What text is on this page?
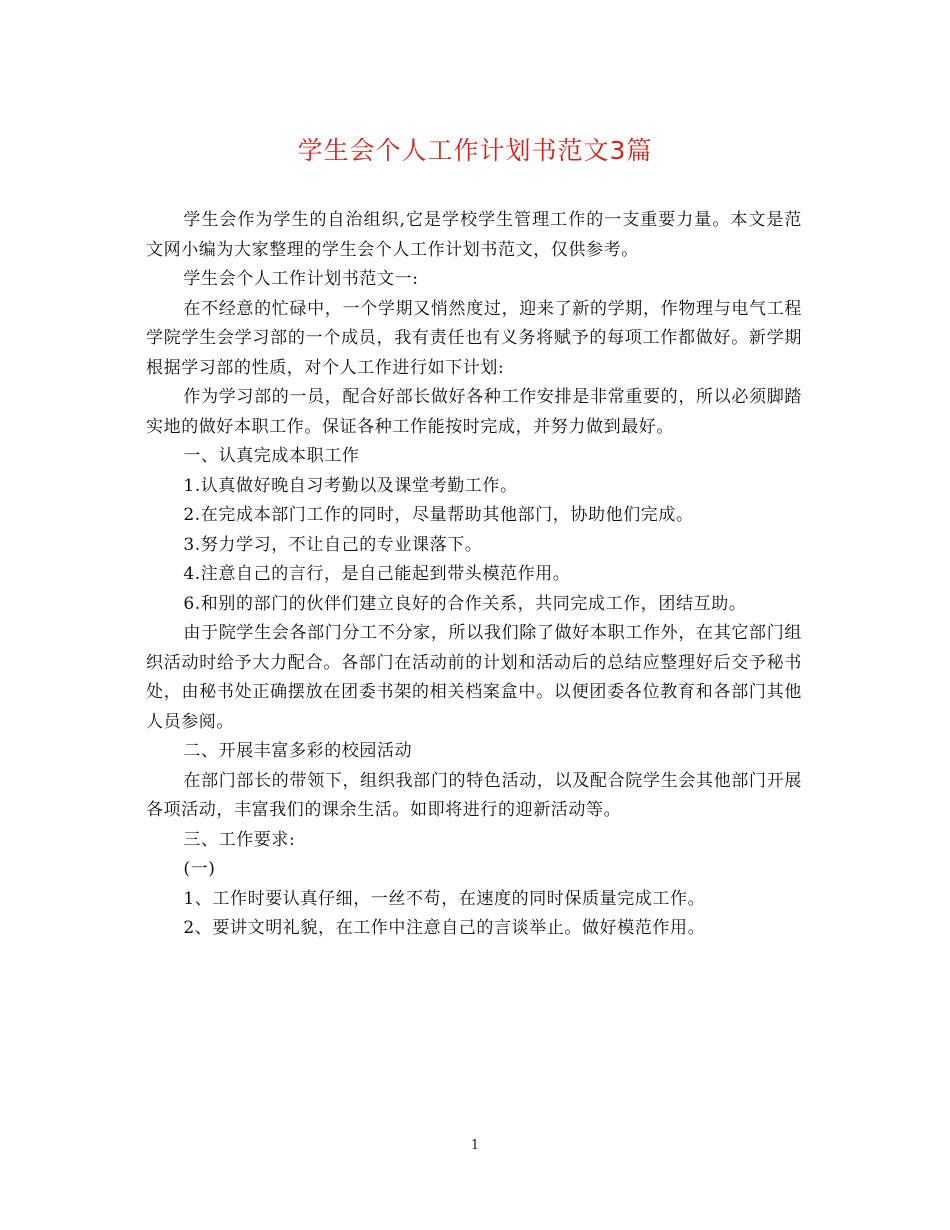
学生会个人工作计划书范文3篇

学生会作为学生的自治组织,它是学校学生管理工作的一支重要力量。本文是范文网小编为大家整理的学生会个人工作计划书范文，仅供参考。

学生会个人工作计划书范文一:

在不经意的忙碌中，一个学期又悄然度过，迎来了新的学期，作物理与电气工程学院学生会学习部的一个成员，我有责任也有义务将赋予的每项工作都做好。新学期根据学习部的性质，对个人工作进行如下计划:

作为学习部的一员，配合好部长做好各种工作安排是非常重要的，所以必须脚踏实地的做好本职工作。保证各种工作能按时完成，并努力做到最好。

一、认真完成本职工作

1.认真做好晚自习考勤以及课堂考勤工作。

2.在完成本部门工作的同时，尽量帮助其他部门，协助他们完成。

3.努力学习，不让自己的专业课落下。

4.注意自己的言行，是自己能起到带头模范作用。

6.和别的部门的伙伴们建立良好的合作关系，共同完成工作，团结互助。

由于院学生会各部门分工不分家，所以我们除了做好本职工作外，在其它部门组织活动时给予大力配合。各部门在活动前的计划和活动后的总结应整理好后交予秘书处，由秘书处正确摆放在团委书架的相关档案盒中。以便团委各位教育和各部门其他人员参阅。

二、开展丰富多彩的校园活动

在部门部长的带领下，组织我部门的特色活动，以及配合院学生会其他部门开展各项活动，丰富我们的课余生活。如即将进行的迎新活动等。

三、工作要求:

(一)

1、工作时要认真仔细，一丝不苟，在速度的同时保质量完成工作。

2、要讲文明礼貌，在工作中注意自己的言谈举止。做好模范作用。

1
